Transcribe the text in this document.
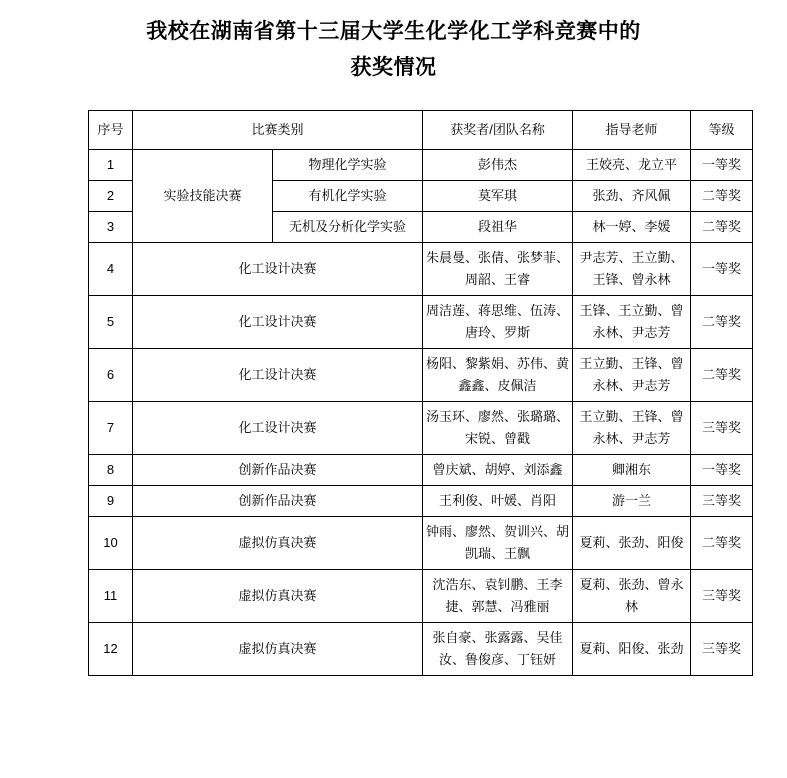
我校在湖南省第十三届大学生化学化工学科竞赛中的
获奖情况
序号	比赛类别		获奖者/团队名称	指导老师	等级
1	实验技能决赛	物理化学实验	彭伟杰	王姣亮、龙立平	一等奖
2		有机化学实验	莫军琪	张劲、齐风佩	二等奖
3		无机及分析化学实验	段祖华	林一婷、李媛	二等奖
4	化工设计决赛		朱晨曼、张倩、张梦菲、周韶、王睿	尹志芳、王立勤、王锋、曾永林	一等奖
5	化工设计决赛		周洁莲、蒋思维、伍涛、唐玲、罗斯	王锋、王立勤、曾永林、尹志芳	二等奖
6	化工设计决赛		杨阳、黎紫娟、苏伟、黄鑫鑫、皮佩洁	王立勤、王锋、曾永林、尹志芳	二等奖
7	化工设计决赛		汤玉环、廖然、张璐璐、宋锐、曾戳	王立勤、王锋、曾永林、尹志芳	三等奖
8	创新作品决赛		曾庆斌、胡婷、刘添鑫	卿湘东	一等奖
9	创新作品决赛		王利俊、叶媛、肖阳	游一兰	三等奖
10	虚拟仿真决赛		钟雨、廖然、贺训兴、胡凯瑞、王飘	夏莉、张劲、阳俊	二等奖
11	虚拟仿真决赛		沈浩东、袁钊鹏、王李捷、郭慧、冯雅丽	夏莉、张劲、曾永林	三等奖
12	虚拟仿真决赛		张自豪、张露露、吴佳汝、鲁俊彦、丁钰妍	夏莉、阳俊、张劲	三等奖
